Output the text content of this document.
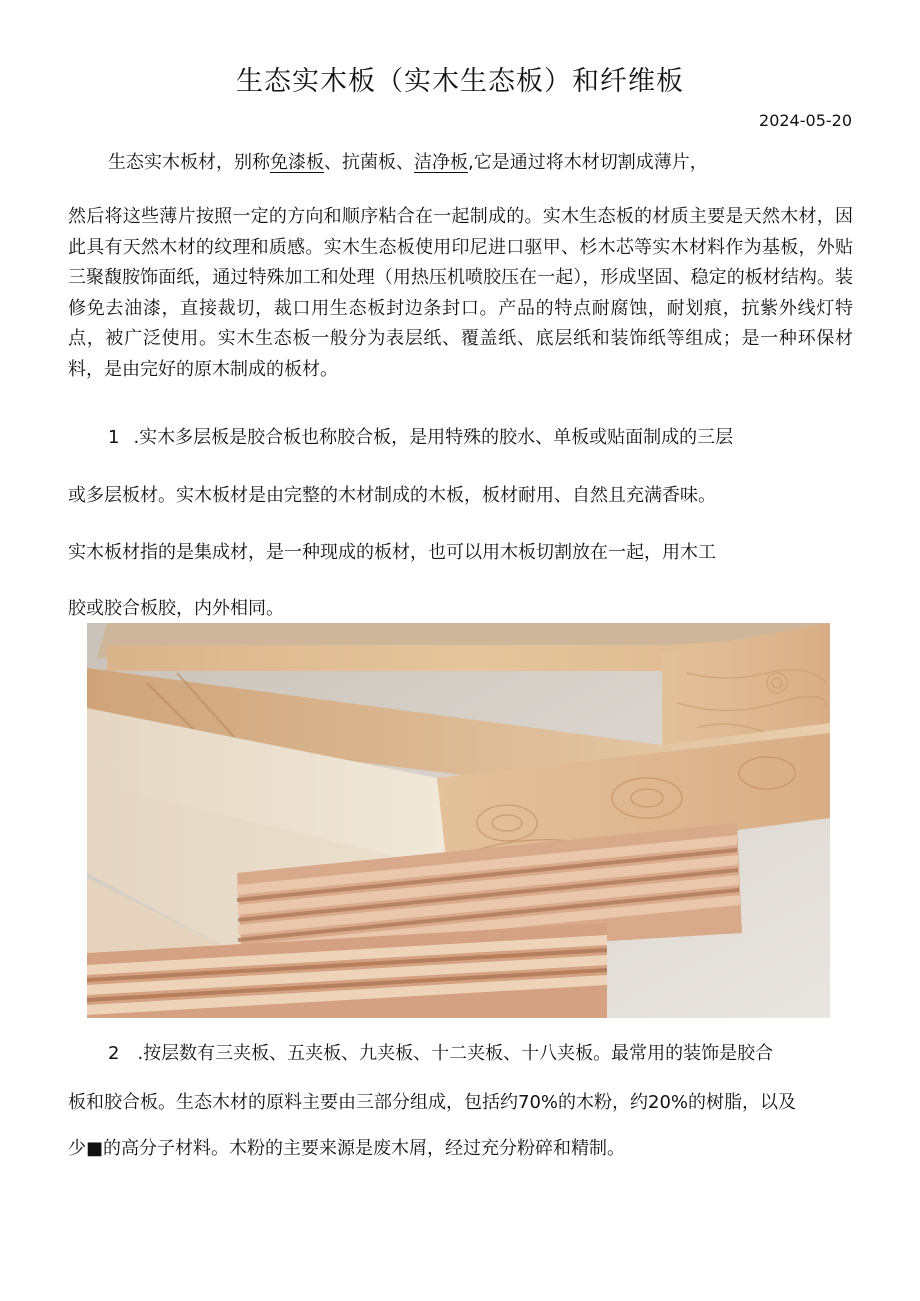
生态实木板（实木生态板）和纤维板
2024-05-20
生态实木板材，别称免漆板、抗菌板、洁净板,它是通过将木材切割成薄片，
然后将这些薄片按照一定的方向和顺序粘合在一起制成的。实木生态板的材质主要是天然木材，因此具有天然木材的纹理和质感。实木生态板使用印尼进口驱甲、杉木芯等实木材料作为基板，外贴三聚馥胺饰面纸，通过特殊加工和处理（用热压机喷胶压在一起），形成坚固、稳定的板材结构。装修免去油漆，直接裁切，裁口用生态板封边条封口。产品的特点耐腐蚀，耐划痕，抗紫外线灯特点，被广泛使用。实木生态板一般分为表层纸、覆盖纸、底层纸和装饰纸等组成；是一种环保材料，是由完好的原木制成的板材。
1 .实木多层板是胶合板也称胶合板，是用特殊的胶水、单板或贴面制成的三层
或多层板材。实木板材是由完整的木材制成的木板，板材耐用、自然且充满香味。
实木板材指的是集成材，是一种现成的板材，也可以用木板切割放在一起，用木工
胶或胶合板胶，内外相同。
2 .按层数有三夹板、五夹板、九夹板、十二夹板、十八夹板。最常用的装饰是胶合
板和胶合板。生态木材的原料主要由三部分组成，包括约70%的木粉，约20%的树脂，以及
少■的高分子材料。木粉的主要来源是废木屑，经过充分粉碎和精制。
